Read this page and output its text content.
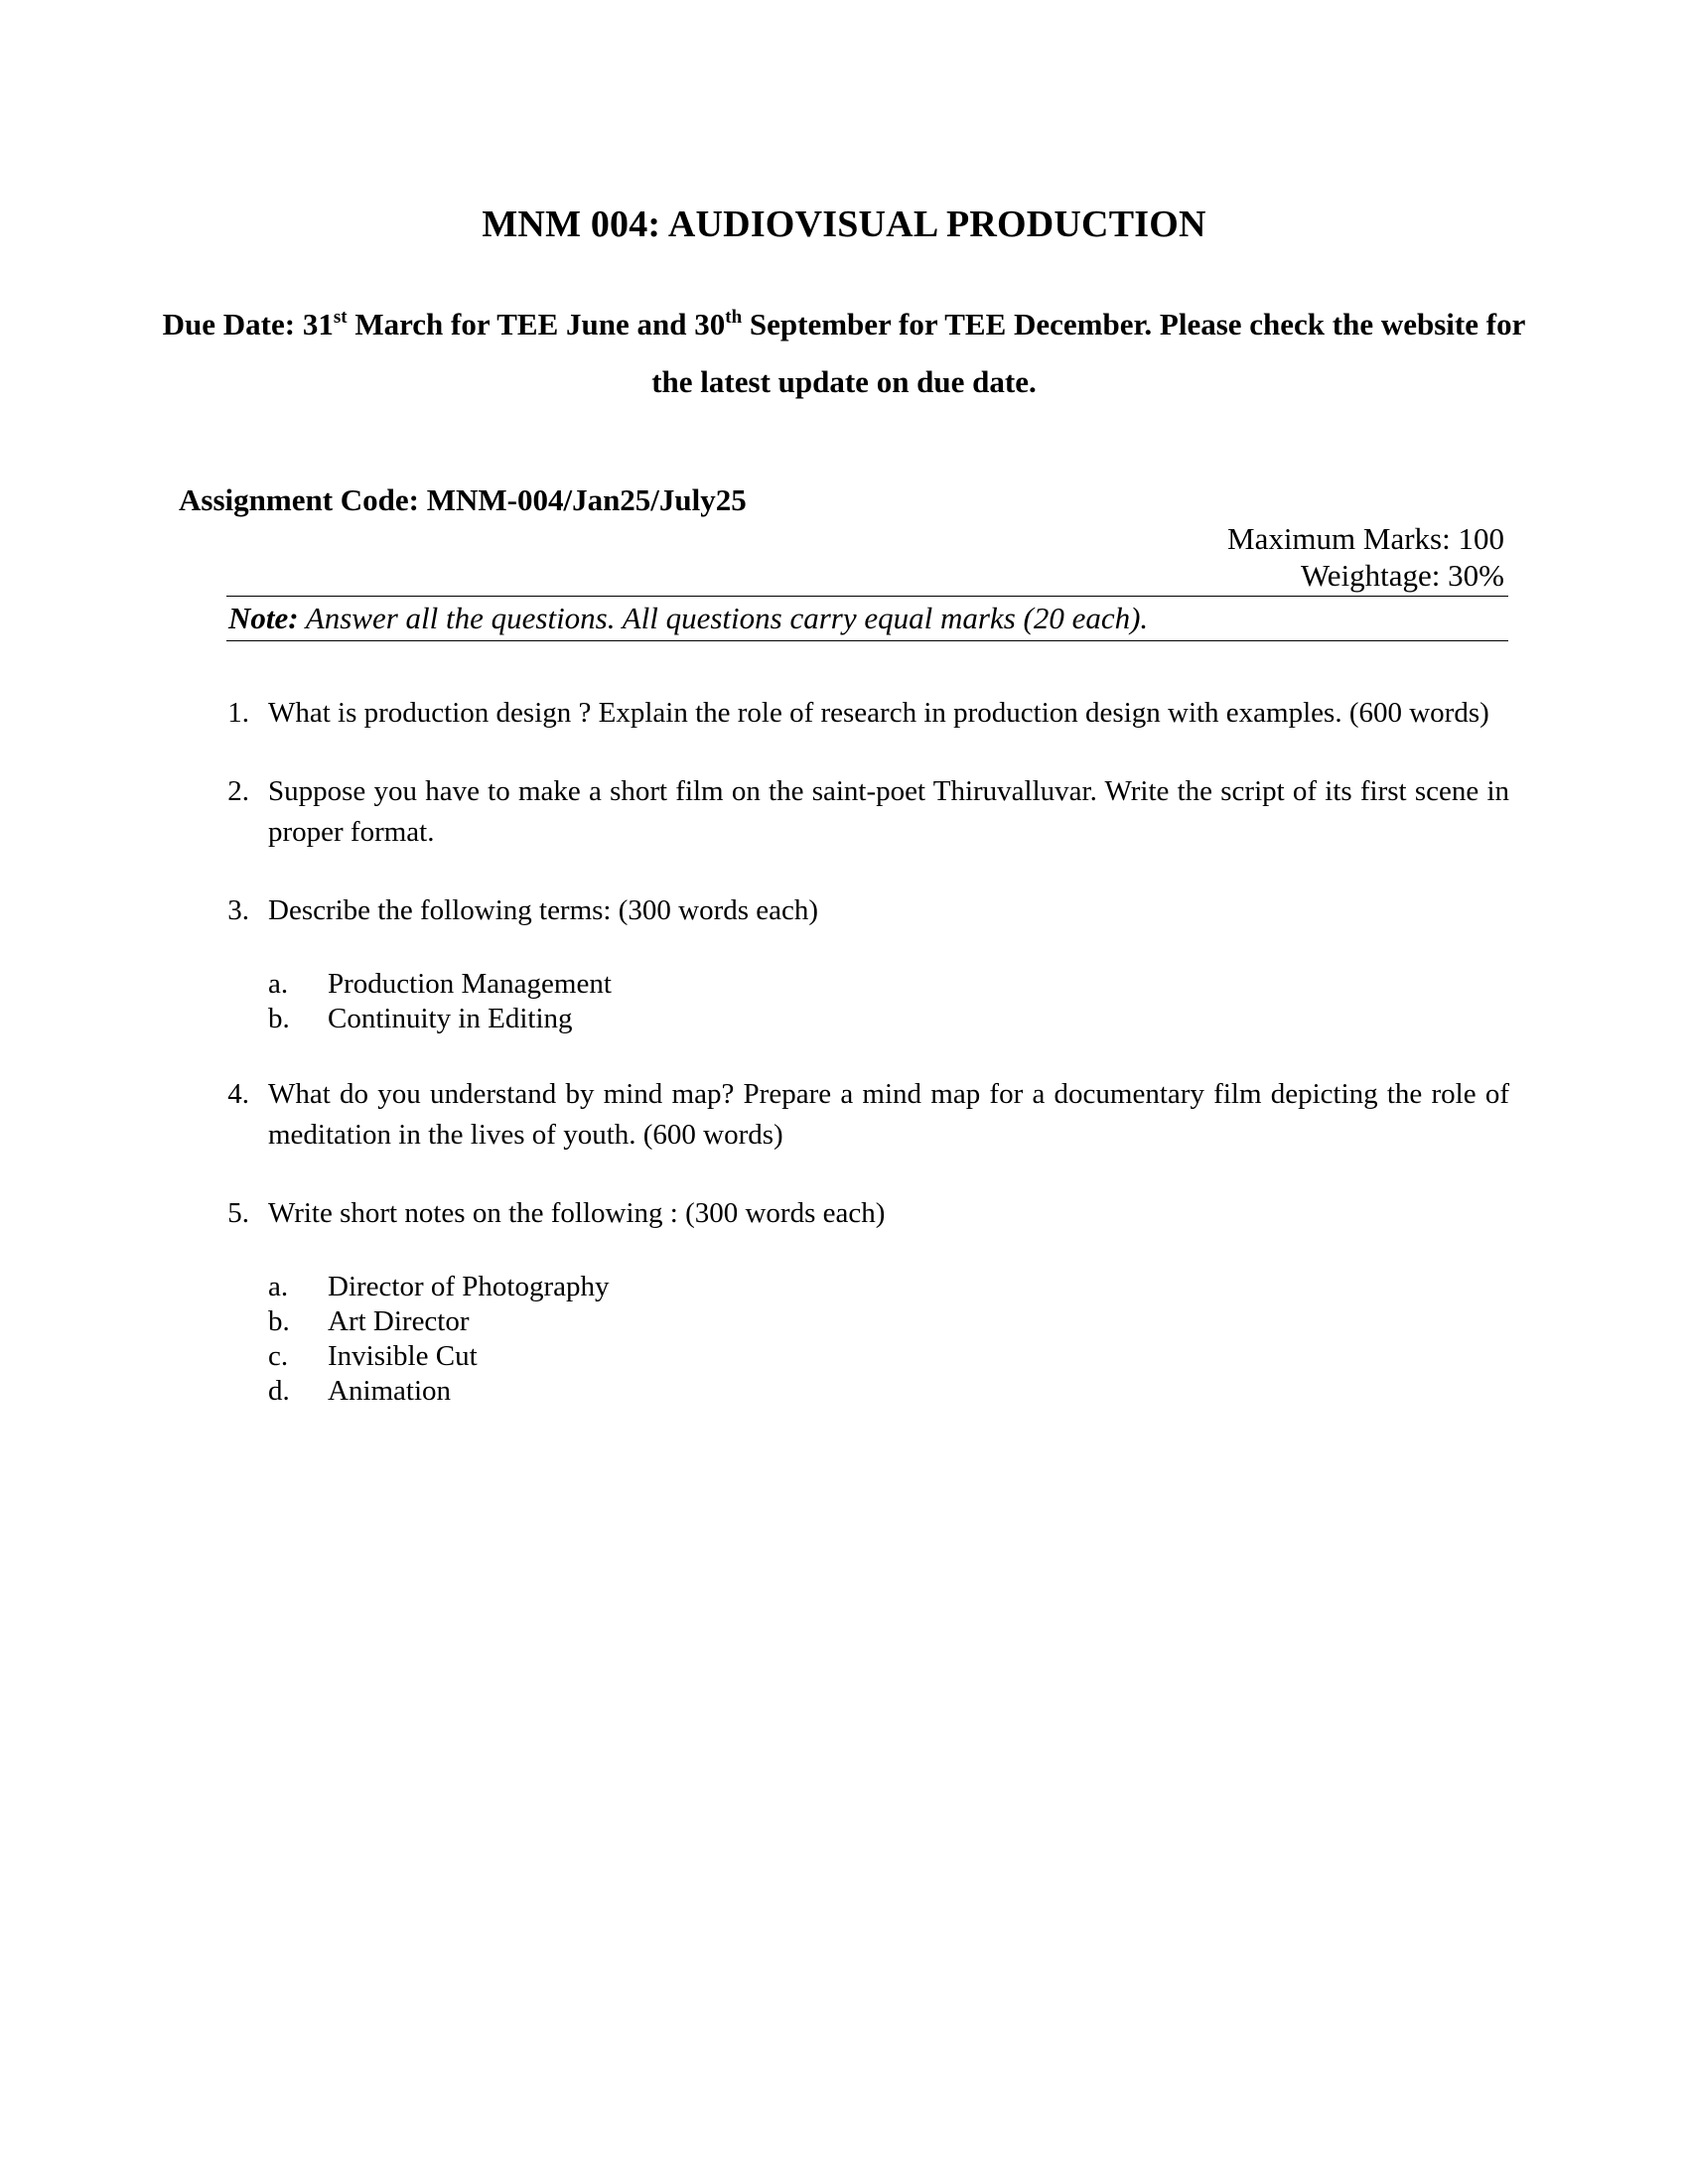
MNM 004: AUDIOVISUAL PRODUCTION
Due Date: 31st March for TEE June and 30th September for TEE December. Please check the website for the latest update on due date.
Assignment Code: MNM-004/Jan25/July25
Maximum Marks: 100
Weightage: 30%
Note: Answer all the questions. All questions carry equal marks (20 each).
1. What is production design ? Explain the role of research in production design with examples. (600 words)
2. Suppose you have to make a short film on the saint-poet Thiruvalluvar. Write the script of its first scene in proper format.
3. Describe the following terms: (300 words each)
a.	Production Management
b.	Continuity in Editing
4. What do you understand by mind map? Prepare a mind map for a documentary film depicting the role of meditation in the lives of youth. (600 words)
5. Write short notes on the following : (300 words each)
a.	Director of Photography
b.	Art Director
c.	Invisible Cut
d.	Animation
